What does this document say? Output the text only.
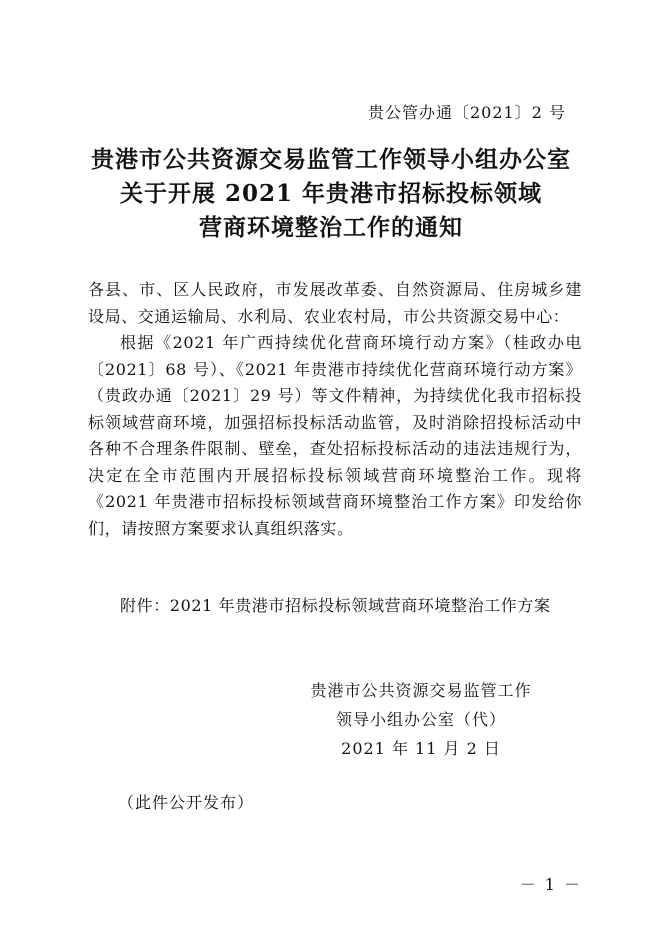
贵公管办通〔2021〕2 号
贵港市公共资源交易监管工作领导小组办公室
关于开展 2021 年贵港市招标投标领域
营商环境整治工作的通知

各县、市、区人民政府，市发展改革委、自然资源局、住房城乡建设局、交通运输局、水利局、农业农村局，市公共资源交易中心：

根据《2021 年广西持续优化营商环境行动方案》（桂政办电〔2021〕68 号）、《2021 年贵港市持续优化营商环境行动方案》（贵政办通〔2021〕29 号）等文件精神，为持续优化我市招标投标领域营商环境，加强招标投标活动监管，及时消除招投标活动中各种不合理条件限制、壁垒，查处招标投标活动的违法违规行为，决定在全市范围内开展招标投标领域营商环境整治工作。现将《2021 年贵港市招标投标领域营商环境整治工作方案》印发给你们，请按照方案要求认真组织落实。

附件：2021 年贵港市招标投标领域营商环境整治工作方案
贵港市公共资源交易监管工作
领导小组办公室（代）
2021 年 11 月 2 日
（此件公开发布）
－ 1 －
